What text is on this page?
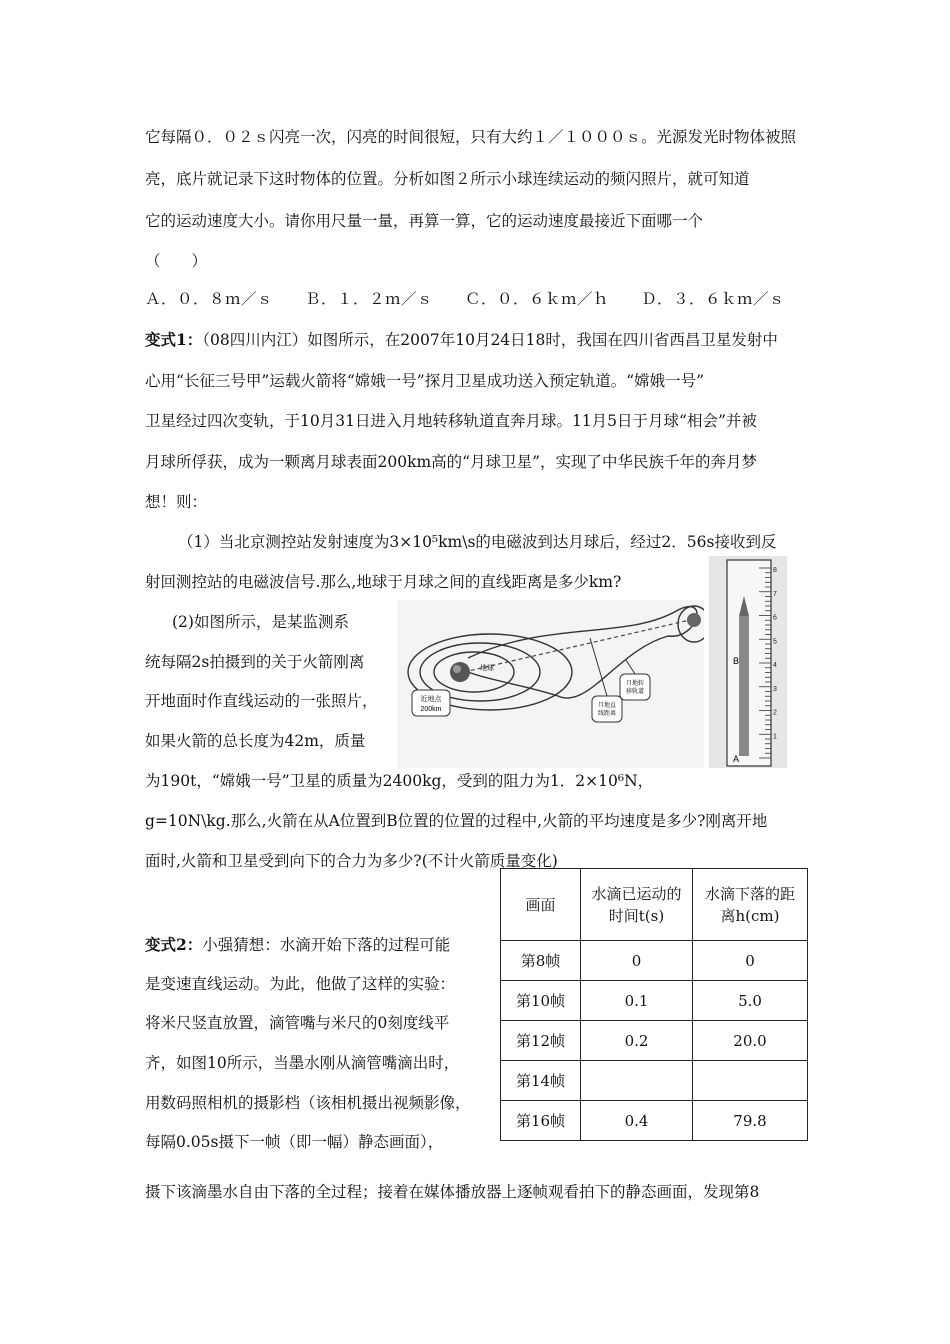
它每隔０．０２ｓ闪亮一次，闪亮的时间很短，只有大约１／１０００ｓ。光源发光时物体被照
亮，底片就记录下这时物体的位置。分析如图２所示小球连续运动的频闪照片，就可知道
它的运动速度大小。请你用尺量一量，再算一算，它的运动速度最接近下面哪一个
（　　）
Ａ．０．８ｍ／ｓ　　Ｂ．１．２ｍ／ｓ　　Ｃ．０．６ｋｍ／ｈ　　Ｄ．３．６ｋｍ／ｓ
变式1：（08四川内江）如图所示，在2007年10月24日18时，我国在四川省西昌卫星发射中
心用“长征三号甲”运载火箭将“嫦娥一号”探月卫星成功送入预定轨道。“嫦娥一号”
卫星经过四次变轨，于10月31日进入月地转移轨道直奔月球。11月5日于月球“相会”并被
月球所俘获，成为一颗离月球表面200km高的“月球卫星”，实现了中华民族千年的奔月梦
想！则：
（1）当北京测控站发射速度为3×10⁵km\s的电磁波到达月球后，经过2．56s接收到反
射回测控站的电磁波信号.那么,地球于月球之间的直线距离是多少km?
(2)如图所示，是某监测系
统每隔2s拍摄到的关于火箭刚离
开地面时作直线运动的一张照片，
如果火箭的总长度为42m，质量
为190t，“嫦娥一号”卫星的质量为2400kg，受到的阻力为1．2×10⁶N，
g=10N\kg.那么,火箭在从A位置到B位置的位置的过程中,火箭的平均速度是多少?刚离开地
面时,火箭和卫星受到向下的合力为多少?(不计火箭质量变化)
近地点
200km
地球
月地直线距离
月地转移轨道
8
7
6
5
4
3
2
1
B
A
画面	水滴已运动的
时间t(s)	水滴下落的距
离h(cm)

第8帧	0	0
第10帧	0.1	5.0
第12帧	0.2	20.0
第14帧		
第16帧	0.4	79.8
变式2：小强猜想：水滴开始下落的过程可能
是变速直线运动。为此，他做了这样的实验：
将米尺竖直放置，滴管嘴与米尺的0刻度线平
齐，如图10所示，当墨水刚从滴管嘴滴出时，
用数码照相机的摄影档（该相机摄出视频影像，
每隔0.05s摄下一帧（即一幅）静态画面），
摄下该滴墨水自由下落的全过程；接着在媒体播放器上逐帧观看拍下的静态画面，发现第8
